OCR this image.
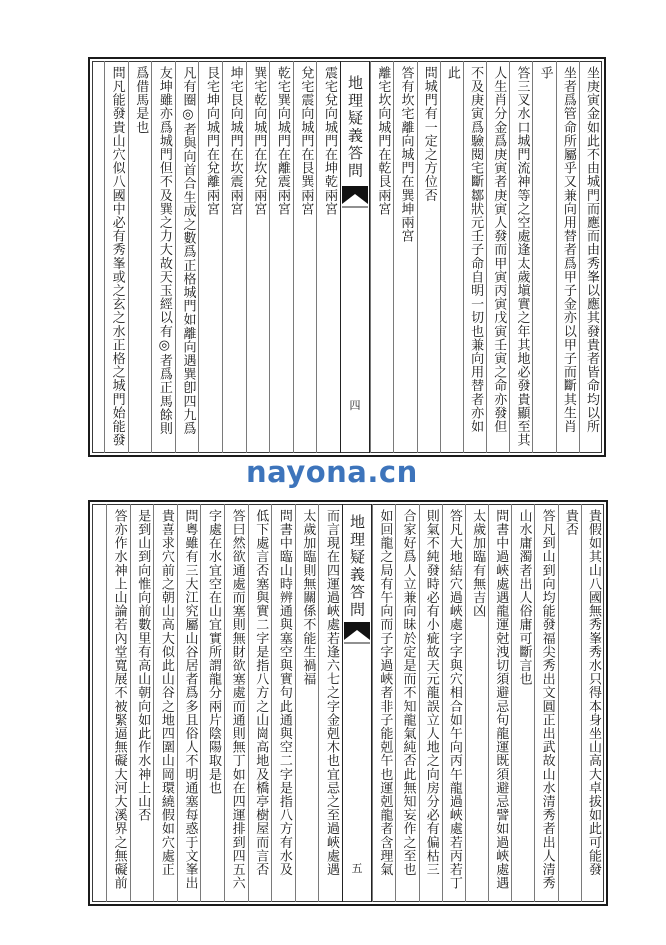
坐庚寅金如此不由城門而應而由秀峯以應其發貴者皆命均以所
坐者爲管命所屬乎又兼向用替者爲甲子金亦以甲子而斷其生肖
乎
答三叉水口城門流神等之空處逢太歲塡實之年其地必發貴顯至其
人生肖分金爲庚寅者庚寅人發而甲寅丙寅戊寅壬寅之命亦發但
不及庚寅爲驗閱宅斷鄒狀元壬子命自明一切也兼向用替者亦如
此
問城門有一定之方位否
答有坎宅離向城門在巽坤兩宮
離宅坎向城門在乾艮兩宮
地理疑義答問
四
震宅兌向城門在坤乾兩宮
兌宅震向城門在艮巽兩宮
乾宅巽向城門在離震兩宮
巽宅乾向城門在坎兌兩宮
坤宅艮向城門在坎震兩宮
艮宅坤向城門在兌離兩宮
凡有圈◎者與向首合生成之數爲正格城門如離向遇巽卽四九爲
友坤雖亦爲城門但不及巽之力大故天玉經以有◎者爲正馬餘則
爲借馬是也
問凡能發貴山穴似八國中必有秀峯或之玄之水正格之城門始能發
nayona.cn
貴假如其山八國無秀峯秀水只得本身坐山高大卓拔如此可能發
貴否
答凡到山到向均能發福尖秀出文圓正出武故山水清秀者出人清秀
山水庸濁者出人俗庸可斷言也
問書中過峽處遇龍運尅洩切須避忌句龍運既須避忌譬如過峽處遇
太歲加臨有無吉凶
答凡大地結穴過峽處字字與穴相合如午向丙午龍過峽處若丙若丁
則氣不純發時必有小疵故天元龍誤立人地之向房分必有偏枯三
合家好爲人立兼向昧於定是而不知龍氣純否此無知妄作之至也
如回龍之局有午向而子字過峽者非子能剋午也運剋龍者含理氣
地理疑義答問
五
而言現在四運過峽處若逢六七之字金剋木也宜忌之至過峽處遇
太歲加臨則無關係不能生禍福
問書中臨山時辨通與塞空與實句此通與空二字是指八方有水及
低下處言否塞與實二字是指八方之山崗高地及橋亭樹屋而言否
答曰然欲通處而塞則無財欲塞處而通則無丁如在四運排到四五六
字處在水宜空在山宜實所謂龍分兩片陰陽取是也
問粵雖有三大江究屬山谷居者爲多且俗人不明通塞每惑于文峯出
貴喜求穴前之朝山高大似此山谷之地四圍山岡環繞假如穴處正
是到山到向惟向前數里有高山朝向如此作水神上山否
答亦作水神上山論若內堂寬展不被緊逼無礙大河大溪界之無礙前
